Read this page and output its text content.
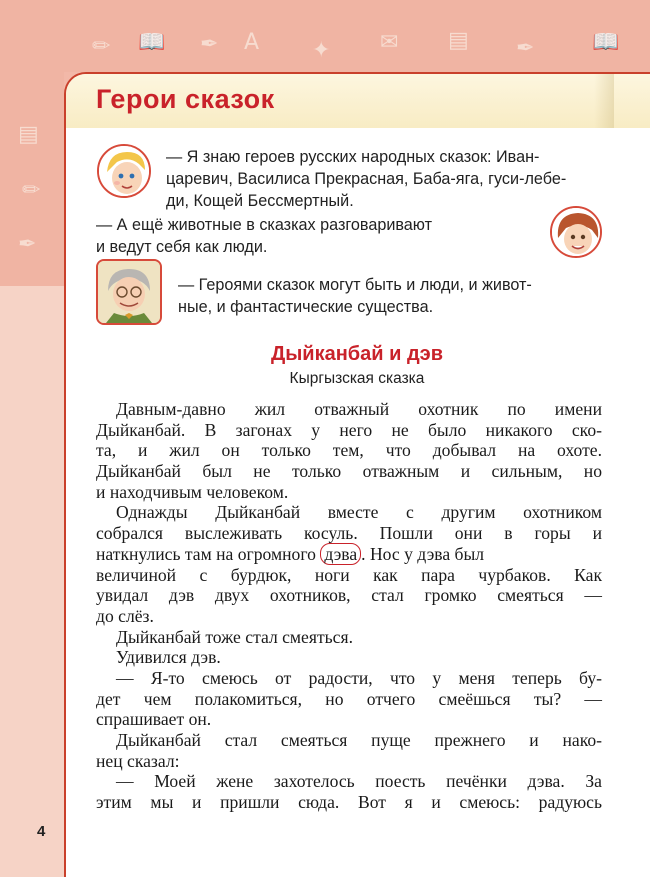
✏ 📖 ✒ A ✦ ✉ ▤ ✒	📖
▤
✏
✒
Герои сказок
— Я знаю героев русских народных сказок: Иван-
царевич, Василиса Прекрасная, Баба-яга, гуси-лебе-
ди, Кощей Бессмертный.
— А ещё животные в сказках разговаривают
и ведут себя как люди.
— Героями сказок могут быть и люди, и живот-
ные, и фантастические существа.
Дыйканбай и дэв
Кыргызская сказка
Давным-давно жил отважный охотник по имени
Дыйканбай. В загонах у него не было никакого ско-
та, и жил он только тем, что добывал на охоте.
Дыйканбай был не только отважным и сильным, но
и находчивым человеком.
Однажды Дыйканбай вместе с другим охотником
собрался выслеживать косуль. Пошли они в горы и
наткнулись там на огромного дэва . Нос у дэва был
величиной с бурдюк, ноги как пара чурбаков. Как
увидал дэв двух охотников, стал громко смеяться —
до слёз.
Дыйканбай тоже стал смеяться.
Удивился дэв.
— Я-то смеюсь от радости, что у меня теперь бу-
дет чем полакомиться, но отчего смеёшься ты? —
спрашивает он.
Дыйканбай стал смеяться пуще прежнего и нако-
нец сказал:
— Моей жене захотелось поесть печёнки дэва. За
этим мы и пришли сюда. Вот я и смеюсь: радуюсь
4
